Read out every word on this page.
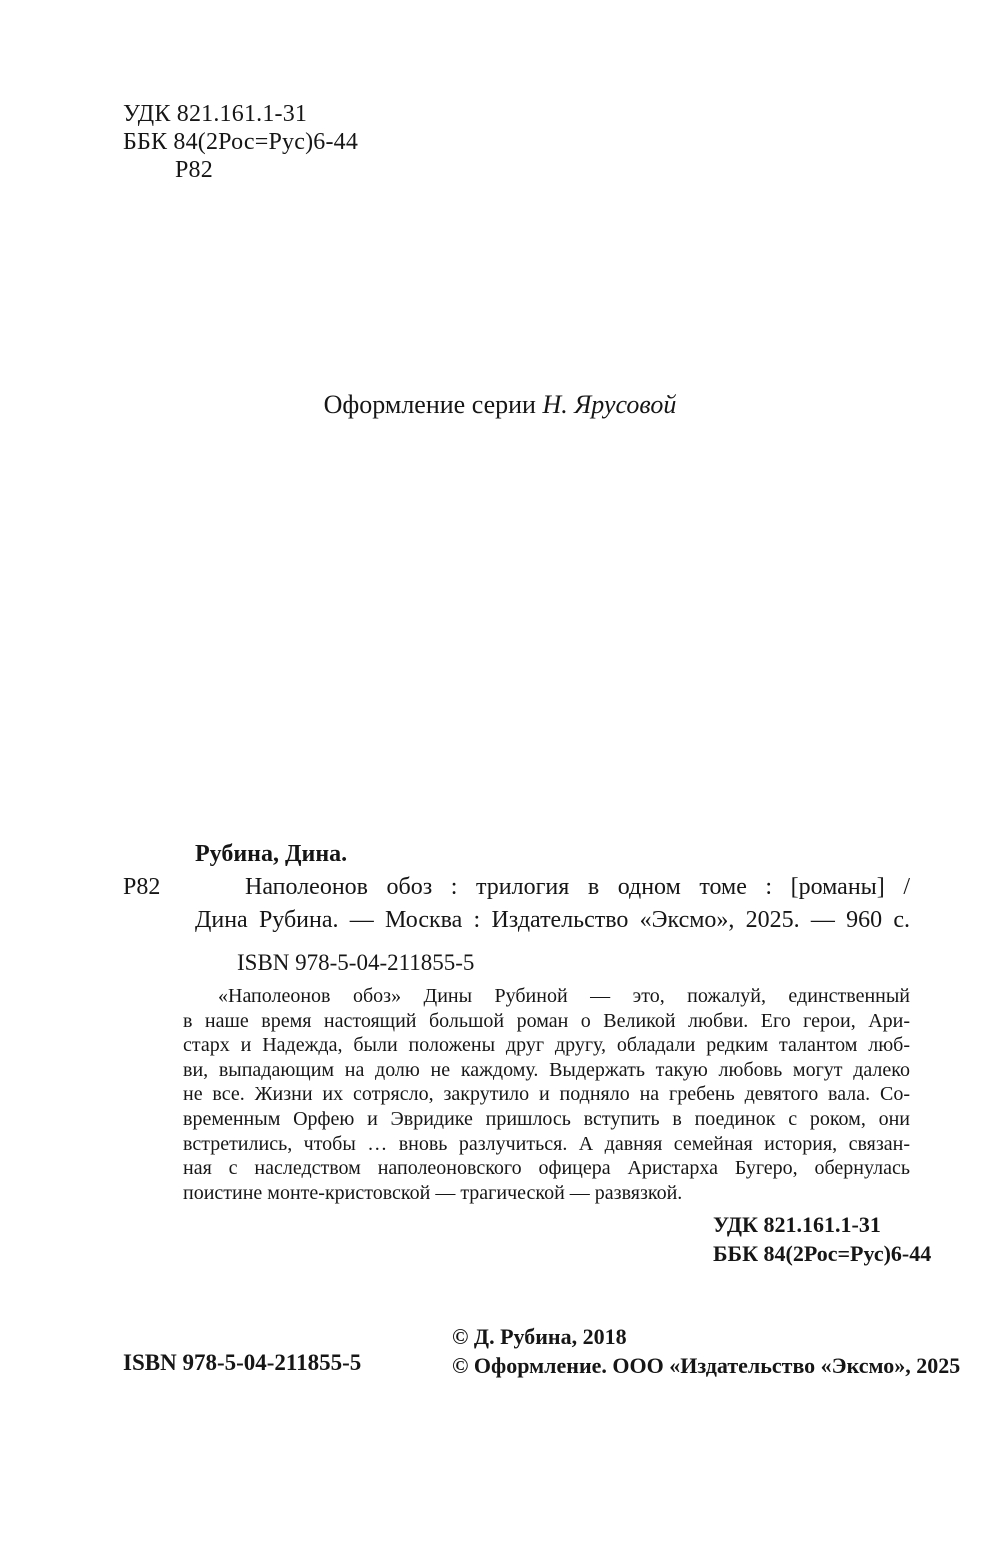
УДК 821.161.1-31
ББК 84(2Рос=Рус)6-44
Р82
Оформление серии Н. Ярусовой
Рубина, Дина.
Р82	Наполеонов обоз : трилогия в одном томе : [романы] /
Дина Рубина. — Москва : Издательство «Эксмо», 2025. — 960 с.
ISBN 978-5-04-211855-5
«Наполеонов обоз» Дины Рубиной — это, пожалуй, единственный
в наше время настоящий большой роман о Великой любви. Его герои, Ари-
старх и Надежда, были положены друг другу, обладали редким талантом люб-
ви, выпадающим на долю не каждому. Выдержать такую любовь могут далеко
не все. Жизни их сотрясло, закрутило и подняло на гребень девятого вала. Со-
временным Орфею и Эвридике пришлось вступить в поединок с роком, они
встретились, чтобы … вновь разлучиться. А давняя семейная история, связан-
ная с наследством наполеоновского офицера Аристарха Бугеро, обернулась
поистине монте-кристовской — трагической — развязкой.
УДК 821.161.1-31
ББК 84(2Рос=Рус)6-44
ISBN 978-5-04-211855-5
© Д. Рубина, 2018
© Оформление. ООО «Издательство «Эксмо», 2025
